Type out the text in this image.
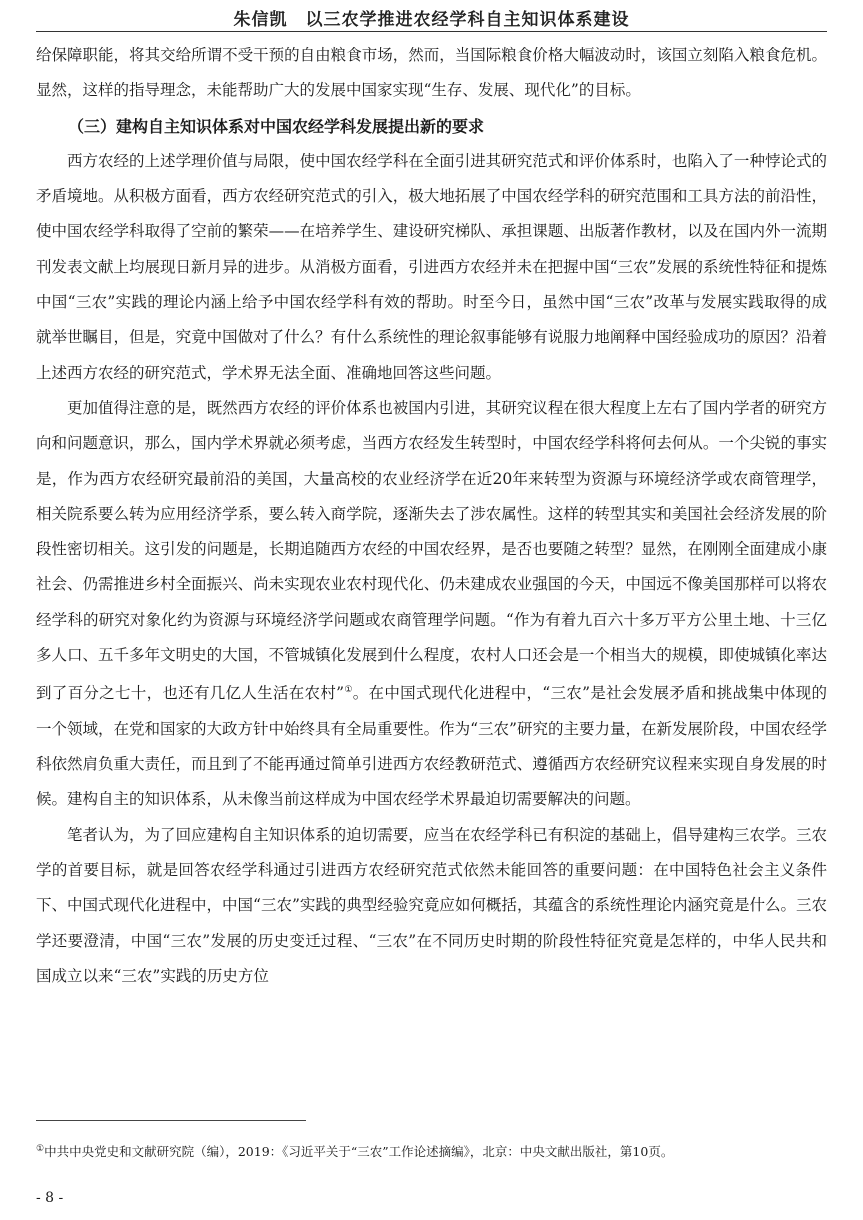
朱信凯　以三农学推进农经学科自主知识体系建设

给保障职能，将其交给所谓不受干预的自由粮食市场，然而，当国际粮食价格大幅波动时，该国立刻陷入粮食危机。显然，这样的指导理念，未能帮助广大的发展中国家实现“生存、发展、现代化”的目标。

（三）建构自主知识体系对中国农经学科发展提出新的要求

西方农经的上述学理价值与局限，使中国农经学科在全面引进其研究范式和评价体系时，也陷入了一种悖论式的矛盾境地。从积极方面看，西方农经研究范式的引入，极大地拓展了中国农经学科的研究范围和工具方法的前沿性，使中国农经学科取得了空前的繁荣——在培养学生、建设研究梯队、承担课题、出版著作教材，以及在国内外一流期刊发表文献上均展现日新月异的进步。从消极方面看，引进西方农经并未在把握中国“三农”发展的系统性特征和提炼中国“三农”实践的理论内涵上给予中国农经学科有效的帮助。时至今日，虽然中国“三农”改革与发展实践取得的成就举世瞩目，但是，究竟中国做对了什么？有什么系统性的理论叙事能够有说服力地阐释中国经验成功的原因？沿着上述西方农经的研究范式，学术界无法全面、准确地回答这些问题。

更加值得注意的是，既然西方农经的评价体系也被国内引进，其研究议程在很大程度上左右了国内学者的研究方向和问题意识，那么，国内学术界就必须考虑，当西方农经发生转型时，中国农经学科将何去何从。一个尖锐的事实是，作为西方农经研究最前沿的美国，大量高校的农业经济学在近20年来转型为资源与环境经济学或农商管理学，相关院系要么转为应用经济学系，要么转入商学院，逐渐失去了涉农属性。这样的转型其实和美国社会经济发展的阶段性密切相关。这引发的问题是，长期追随西方农经的中国农经界，是否也要随之转型？显然，在刚刚全面建成小康社会、仍需推进乡村全面振兴、尚未实现农业农村现代化、仍未建成农业强国的今天，中国远不像美国那样可以将农经学科的研究对象化约为资源与环境经济学问题或农商管理学问题。“作为有着九百六十多万平方公里土地、十三亿多人口、五千多年文明史的大国，不管城镇化发展到什么程度，农村人口还会是一个相当大的规模，即使城镇化率达到了百分之七十，也还有几亿人生活在农村”①。在中国式现代化进程中，“三农”是社会发展矛盾和挑战集中体现的一个领域，在党和国家的大政方针中始终具有全局重要性。作为“三农”研究的主要力量，在新发展阶段，中国农经学科依然肩负重大责任，而且到了不能再通过简单引进西方农经教研范式、遵循西方农经研究议程来实现自身发展的时候。建构自主的知识体系，从未像当前这样成为中国农经学术界最迫切需要解决的问题。

笔者认为，为了回应建构自主知识体系的迫切需要，应当在农经学科已有积淀的基础上，倡导建构三农学。三农学的首要目标，就是回答农经学科通过引进西方农经研究范式依然未能回答的重要问题：在中国特色社会主义条件下、中国式现代化进程中，中国“三农”实践的典型经验究竟应如何概括，其蕴含的系统性理论内涵究竟是什么。三农学还要澄清，中国“三农”发展的历史变迁过程、“三农”在不同历史时期的阶段性特征究竟是怎样的，中华人民共和国成立以来“三农”实践的历史方位

①中共中央党史和文献研究院（编），2019：《习近平关于“三农”工作论述摘编》，北京：中央文献出版社，第10页。
- 8 -
